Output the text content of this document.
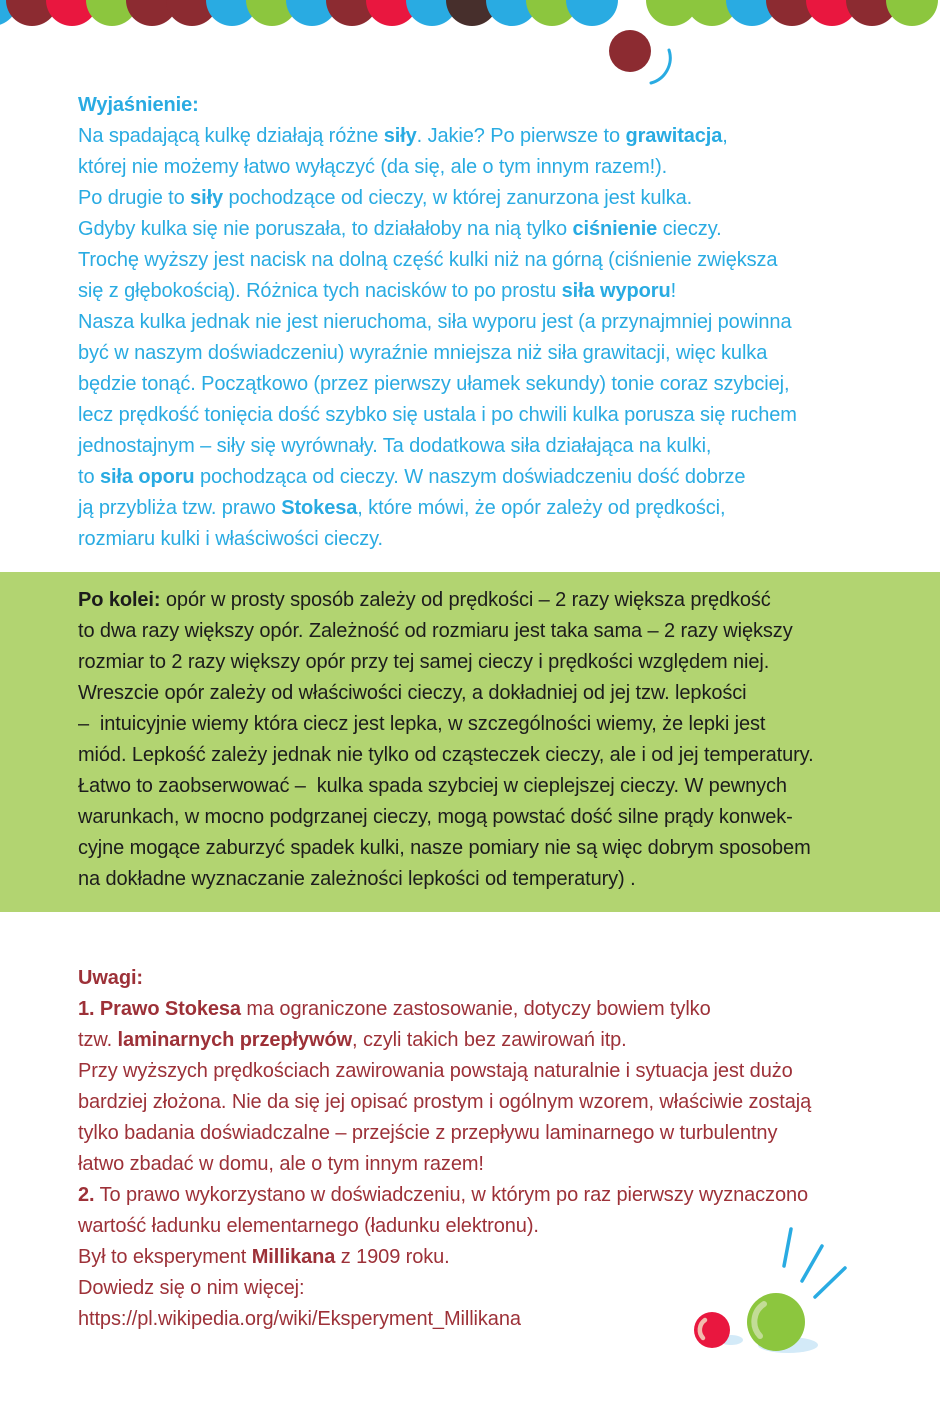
Wyjaśnienie:
Na spadającą kulkę działają różne siły. Jakie? Po pierwsze to grawitacja,
której nie możemy łatwo wyłączyć (da się, ale o tym innym razem!).
Po drugie to siły pochodzące od cieczy, w której zanurzona jest kulka.
Gdyby kulka się nie poruszała, to działałoby na nią tylko ciśnienie cieczy.
Trochę wyższy jest nacisk na dolną część kulki niż na górną (ciśnienie zwiększa
się z głębokością). Różnica tych nacisków to po prostu siła wyporu!
Nasza kulka jednak nie jest nieruchoma, siła wyporu jest (a przynajmniej powinna
być w naszym doświadczeniu) wyraźnie mniejsza niż siła grawitacji, więc kulka
będzie tonąć. Początkowo (przez pierwszy ułamek sekundy) tonie coraz szybciej,
lecz prędkość tonięcia dość szybko się ustala i po chwili kulka porusza się ruchem
jednostajnym – siły się wyrównały. Ta dodatkowa siła działająca na kulki,
to siła oporu pochodząca od cieczy. W naszym doświadczeniu dość dobrze
ją przybliża tzw. prawo Stokesa, które mówi, że opór zależy od prędkości,
rozmiaru kulki i właściwości cieczy.
Po kolei: opór w prosty sposób zależy od prędkości – 2 razy większa prędkość
to dwa razy większy opór. Zależność od rozmiaru jest taka sama – 2 razy większy
rozmiar to 2 razy większy opór przy tej samej cieczy i prędkości względem niej.
Wreszcie opór zależy od właściwości cieczy, a dokładniej od jej tzw. lepkości
–  intuicyjnie wiemy która ciecz jest lepka, w szczególności wiemy, że lepki jest
miód. Lepkość zależy jednak nie tylko od cząsteczek cieczy, ale i od jej temperatury.
Łatwo to zaobserwować –  kulka spada szybciej w cieplejszej cieczy. W pewnych
warunkach, w mocno podgrzanej cieczy, mogą powstać dość silne prądy konwek-
cyjne mogące zaburzyć spadek kulki, nasze pomiary nie są więc dobrym sposobem
na dokładne wyznaczanie zależności lepkości od temperatury) .
Uwagi:
1. Prawo Stokesa ma ograniczone zastosowanie, dotyczy bowiem tylko
tzw. laminarnych przepływów, czyli takich bez zawirowań itp.
Przy wyższych prędkościach zawirowania powstają naturalnie i sytuacja jest dużo
bardziej złożona. Nie da się jej opisać prostym i ogólnym wzorem, właściwie zostają
tylko badania doświadczalne – przejście z przepływu laminarnego w turbulentny
łatwo zbadać w domu, ale o tym innym razem!
2. To prawo wykorzystano w doświadczeniu, w którym po raz pierwszy wyznaczono
wartość ładunku elementarnego (ładunku elektronu).
Był to eksperyment Millikana z 1909 roku.
Dowiedz się o nim więcej:
https://pl.wikipedia.org/wiki/Eksperyment_Millikana
